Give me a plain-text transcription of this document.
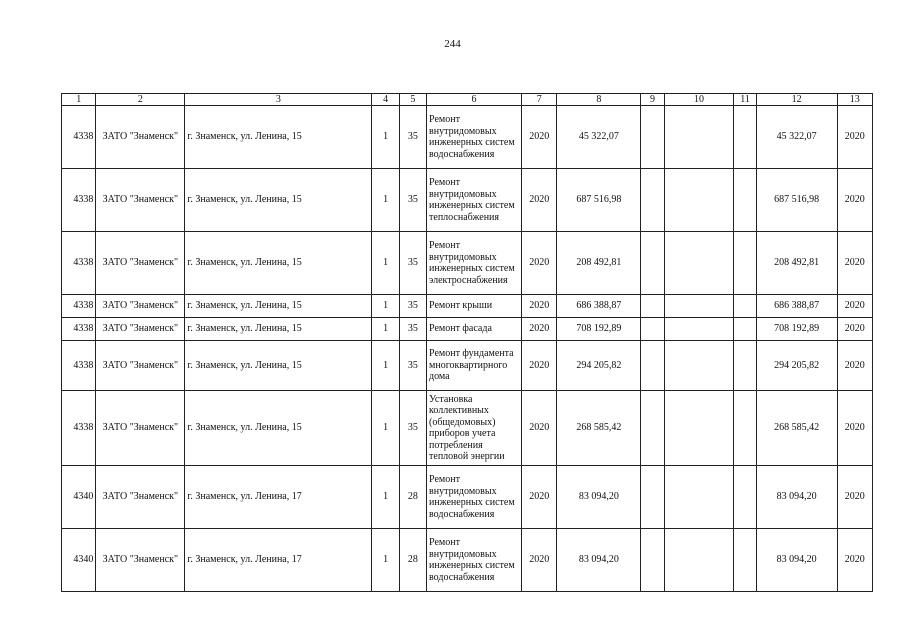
244
1	2	3	4	5	6	7	8	9	10	11	12	13
4338	ЗАТО "Знаменск"	г. Знаменск, ул. Ленина, 15	1	35	Ремонт внутридомовых инженерных систем водоснабжения	2020	45 322,07				45 322,07	2020
4338	ЗАТО "Знаменск"	г. Знаменск, ул. Ленина, 15	1	35	Ремонт внутридомовых инженерных систем теплоснабжения	2020	687 516,98				687 516,98	2020
4338	ЗАТО "Знаменск"	г. Знаменск, ул. Ленина, 15	1	35	Ремонт внутридомовых инженерных систем электроснабжения	2020	208 492,81				208 492,81	2020
4338	ЗАТО "Знаменск"	г. Знаменск, ул. Ленина, 15	1	35	Ремонт крыши	2020	686 388,87				686 388,87	2020
4338	ЗАТО "Знаменск"	г. Знаменск, ул. Ленина, 15	1	35	Ремонт фасада	2020	708 192,89				708 192,89	2020
4338	ЗАТО "Знаменск"	г. Знаменск, ул. Ленина, 15	1	35	Ремонт фундамента многоквартирного дома	2020	294 205,82				294 205,82	2020
4338	ЗАТО "Знаменск"	г. Знаменск, ул. Ленина, 15	1	35	Установка коллективных (общедомовых) приборов учета потребления тепловой энергии	2020	268 585,42				268 585,42	2020
4340	ЗАТО "Знаменск"	г. Знаменск, ул. Ленина, 17	1	28	Ремонт внутридомовых инженерных систем водоснабжения	2020	83 094,20				83 094,20	2020
4340	ЗАТО "Знаменск"	г. Знаменск, ул. Ленина, 17	1	28	Ремонт внутридомовых инженерных систем водоснабжения	2020	83 094,20				83 094,20	2020
